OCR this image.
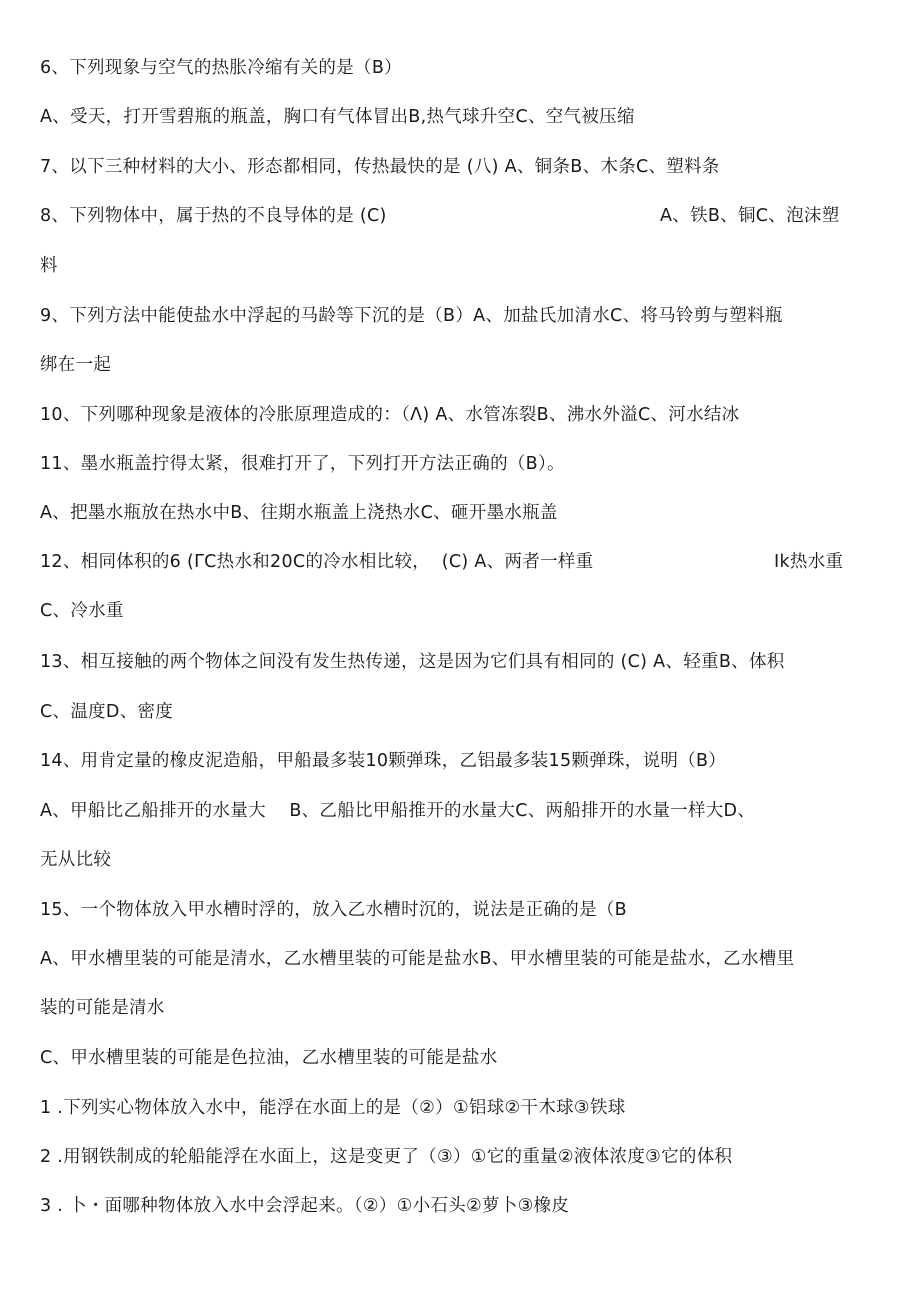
6、下列现象与空气的热胀冷缩有关的是（B）
A、受天，打开雪碧瓶的瓶盖，胸口有气体冒出B,热气球升空C、空气被压缩
7、以下三种材料的大小、形态都相同，传热最快的是 (八) A、铜条B、木条C、塑料条
8、下列物体中，属于热的不良导体的是 (C)	A、铁B、铜C、泡沫塑
料
9、下列方法中能使盐水中浮起的马龄等下沉的是（B）A、加盐氏加清水C、将马铃剪与塑料瓶
绑在一起
10、下列哪种现象是液体的冷胀原理造成的：（Λ) A、水管冻裂B、沸水外溢C、河水结冰
11、墨水瓶盖拧得太紧，很难打开了，下列打开方法正确的（B）。
A、把墨水瓶放在热水中B、往期水瓶盖上浇热水C、砸开墨水瓶盖
12、相同体积的6 (ΓC热水和20C的冷水相比较，  (C) A、两者一样重	Ik热水重
C、冷水重
13、相互接触的两个物体之间没有发生热传递，这是因为它们具有相同的 (C) A、轻重B、体积
C、温度D、密度
14、用肯定量的橡皮泥造船，甲船最多装10颗弹珠，乙铝最多装15颗弹珠，说明（B）
A、甲船比乙船排开的水量大    B、乙船比甲船推开的水量大C、两船排开的水量一样大D、
无从比较
15、一个物体放入甲水槽时浮的，放入乙水槽时沉的，说法是正确的是（B
A、甲水槽里装的可能是清水，乙水槽里装的可能是盐水B、甲水槽里装的可能是盐水，乙水槽里
装的可能是清水
C、甲水槽里装的可能是色拉油，乙水槽里装的可能是盐水
1 .下列实心物体放入水中，能浮在水面上的是（②）①铝球②干木球③铁球
2 .用钢铁制成的轮船能浮在水面上，这是变更了（③）①它的重量②液体浓度③它的体积
3 . 卜・面哪种物体放入水中会浮起来。（②）①小石头②萝卜③橡皮
